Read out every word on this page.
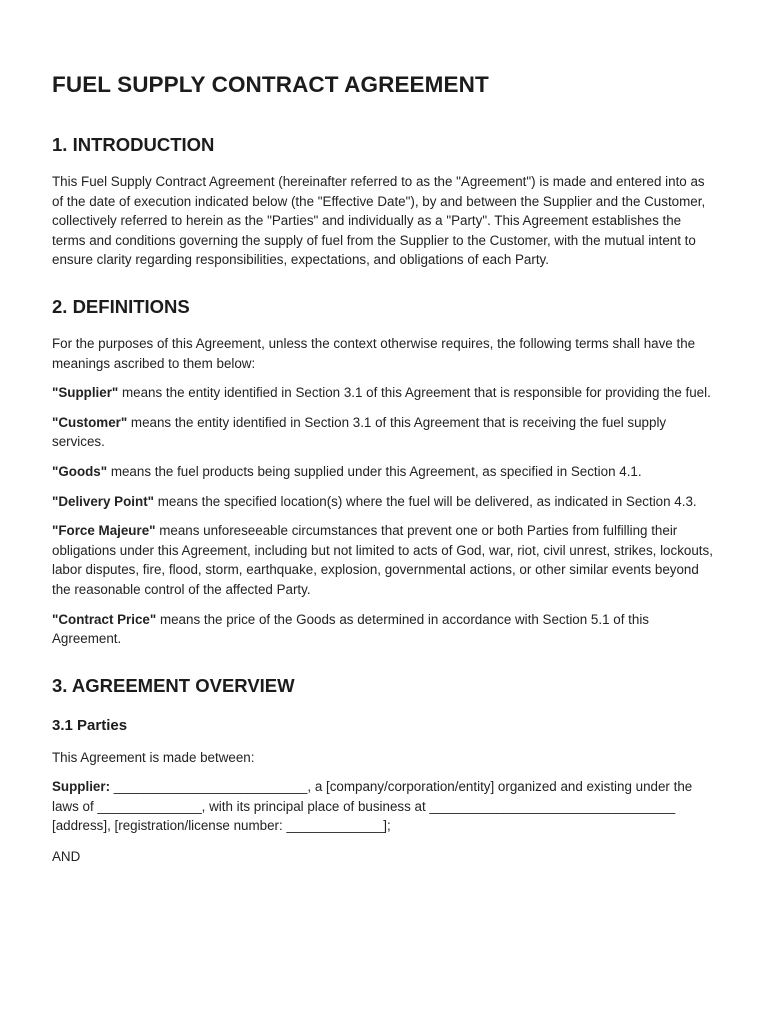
FUEL SUPPLY CONTRACT AGREEMENT
1. INTRODUCTION

This Fuel Supply Contract Agreement (hereinafter referred to as the "Agreement") is made and entered into as of the date of execution indicated below (the "Effective Date"), by and between the Supplier and the Customer, collectively referred to herein as the "Parties" and individually as a "Party". This Agreement establishes the terms and conditions governing the supply of fuel from the Supplier to the Customer, with the mutual intent to ensure clarity regarding responsibilities, expectations, and obligations of each Party.

2. DEFINITIONS

For the purposes of this Agreement, unless the context otherwise requires, the following terms shall have the meanings ascribed to them below:

"Supplier" means the entity identified in Section 3.1 of this Agreement that is responsible for providing the fuel.

"Customer" means the entity identified in Section 3.1 of this Agreement that is receiving the fuel supply services.

"Goods" means the fuel products being supplied under this Agreement, as specified in Section 4.1.

"Delivery Point" means the specified location(s) where the fuel will be delivered, as indicated in Section 4.3.

"Force Majeure" means unforeseeable circumstances that prevent one or both Parties from fulfilling their obligations under this Agreement, including but not limited to acts of God, war, riot, civil unrest, strikes, lockouts, labor disputes, fire, flood, storm, earthquake, explosion, governmental actions, or other similar events beyond the reasonable control of the affected Party.

"Contract Price" means the price of the Goods as determined in accordance with Section 5.1 of this Agreement.

3. AGREEMENT OVERVIEW
3.1 Parties

This Agreement is made between:

Supplier: __________________________, a [company/corporation/entity] organized and existing under the laws of ______________, with its principal place of business at _________________________________ [address], [registration/license number: _____________];

AND
